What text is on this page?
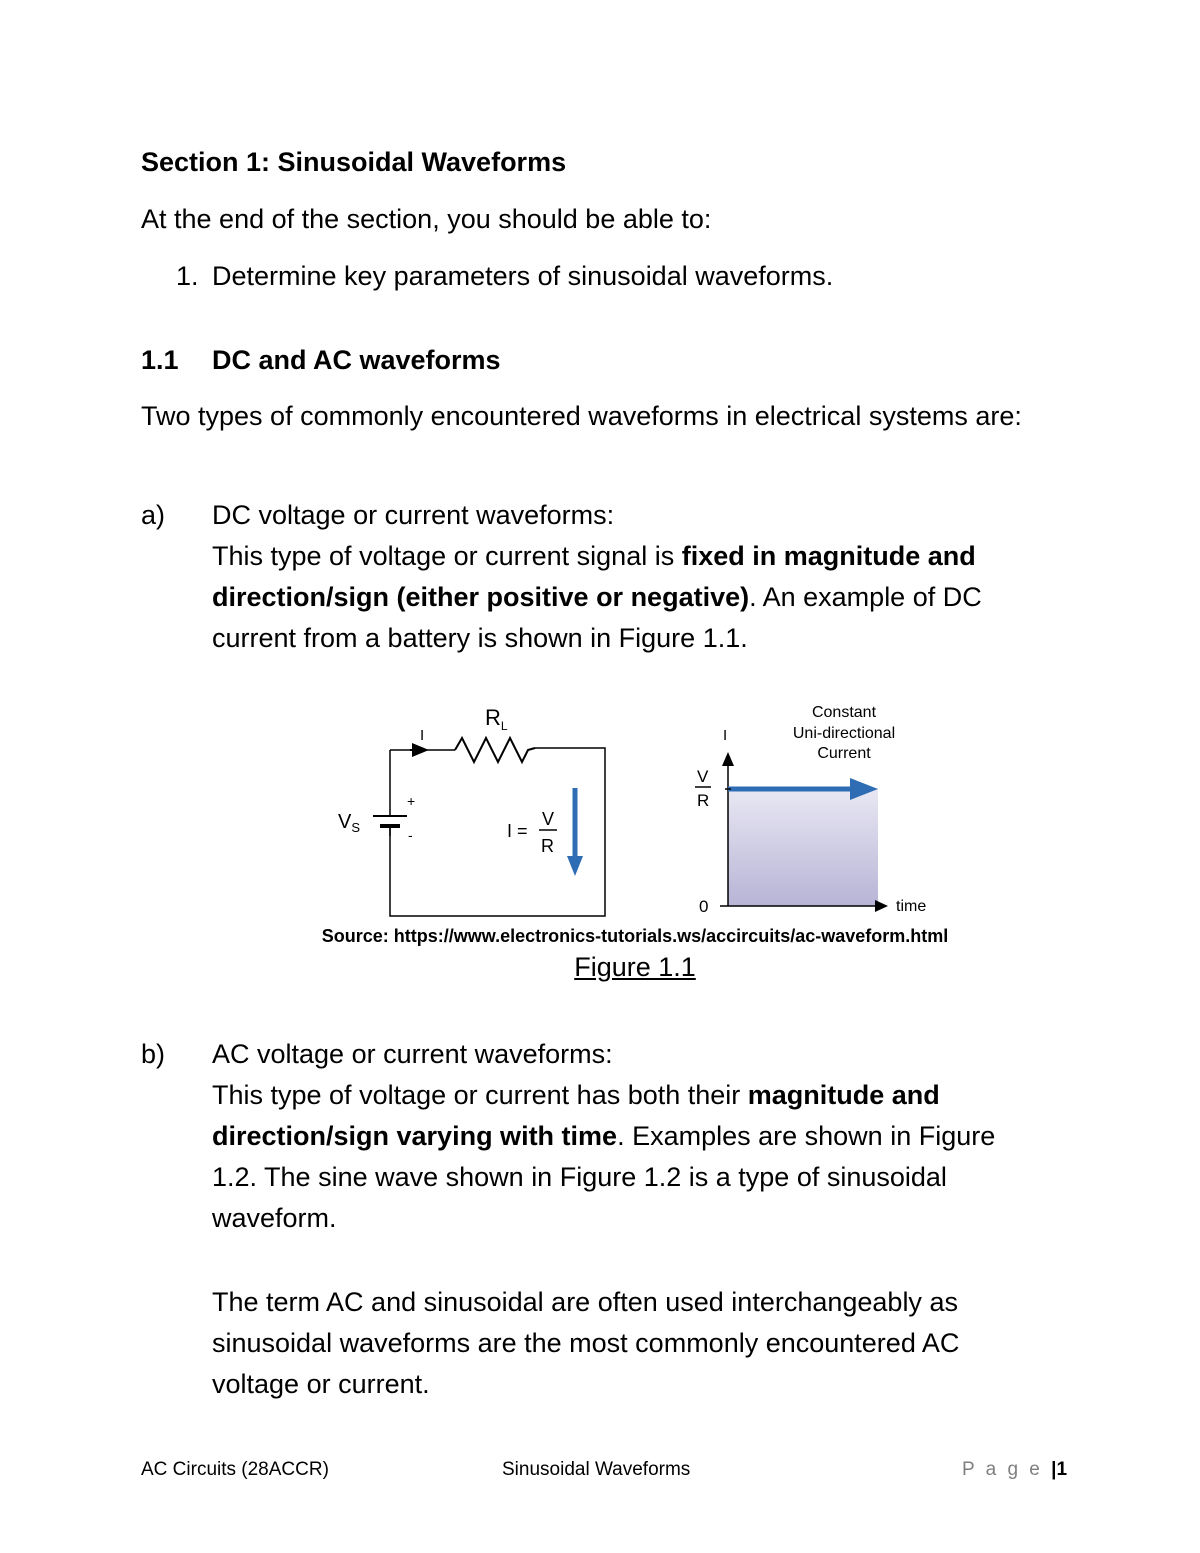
Section 1: Sinusoidal Waveforms
At the end of the section, you should be able to:
1. Determine key parameters of sinusoidal waveforms.
1.1 DC and AC waveforms
Two types of commonly encountered waveforms in electrical systems are:
a) DC voltage or current waveforms:
This type of voltage or current signal is fixed in magnitude and direction/sign (either positive or negative). An example of DC current from a battery is shown in Figure 1.1.
$R_L$
I
$V_S$
+
-	I =
V
R
I
V
R
0	time
Constant
Uni-directional
Current
Source: https://www.electronics-tutorials.ws/accircuits/ac-waveform.html
Figure 1.1
b) AC voltage or current waveforms:
This type of voltage or current has both their magnitude and direction/sign varying with time. Examples are shown in Figure 1.2. The sine wave shown in Figure 1.2 is a type of sinusoidal waveform.
The term AC and sinusoidal are often used interchangeably as sinusoidal waveforms are the most commonly encountered AC voltage or current.
AC Circuits (28ACCR)	Sinusoidal Waveforms	P a g e |1
